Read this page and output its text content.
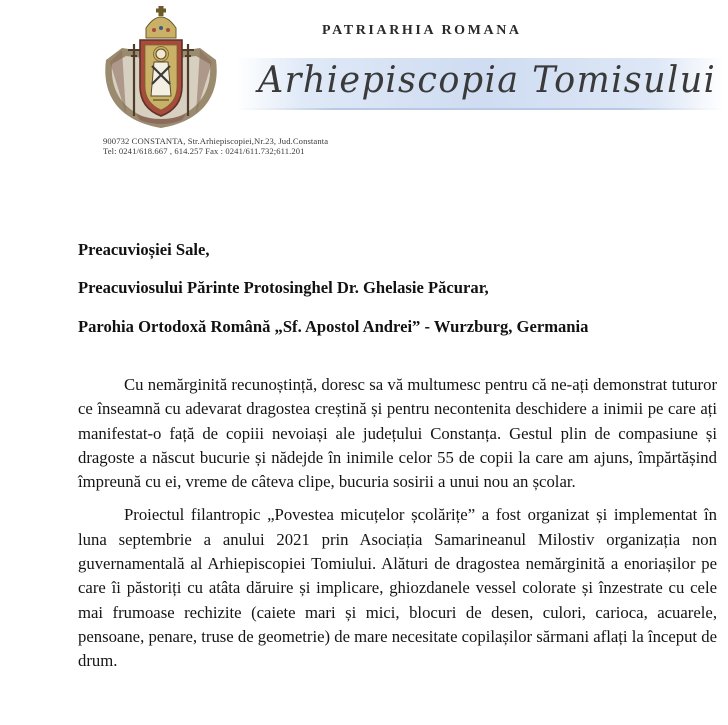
PATRIARHIA ROMANA
Arhiepiscopia Tomisului
900732 CONSTANTA, Str.Arhiepiscopiei,Nr.23, Jud.Constanta
Tel: 0241/618.667 , 614.257 Fax : 0241/611.732;611.201
Preacuvioșiei Sale,
Preacuviosului Părinte Protosinghel Dr. Ghelasie Păcurar,
Parohia Ortodoxă Română „Sf. Apostol Andrei” - Wurzburg, Germania

Cu nemărginită recunoștință, doresc sa vă multumesc pentru că ne-ați demonstrat tuturor ce înseamnă cu adevarat dragostea creștină și pentru necontenita deschidere a inimii pe care ați manifestat-o față de copiii nevoiași ale județului Constanța. Gestul plin de compasiune și dragoste a născut bucurie și nădejde în inimile celor 55 de copii la care am ajuns, împărtășind împreună cu ei, vreme de câteva clipe, bucuria sosirii a unui nou an școlar.

Proiectul filantropic „Povestea micuțelor școlărițe” a fost organizat și implementat în luna septembrie a anului 2021 prin Asociația Samarineanul Milostiv organizația non guvernamentală al Arhiepiscopiei Tomiului. Alături de dragostea nemărginită a enoriașilor pe care îi păstoriți cu atâta dăruire și implicare, ghiozdanele vessel colorate și înzestrate cu cele mai frumoase rechizite (caiete mari și mici, blocuri de desen, culori, carioca, acuarele, pensoane, penare, truse de geometrie) de mare necesitate copilașilor sărmani aflați la început de drum.
